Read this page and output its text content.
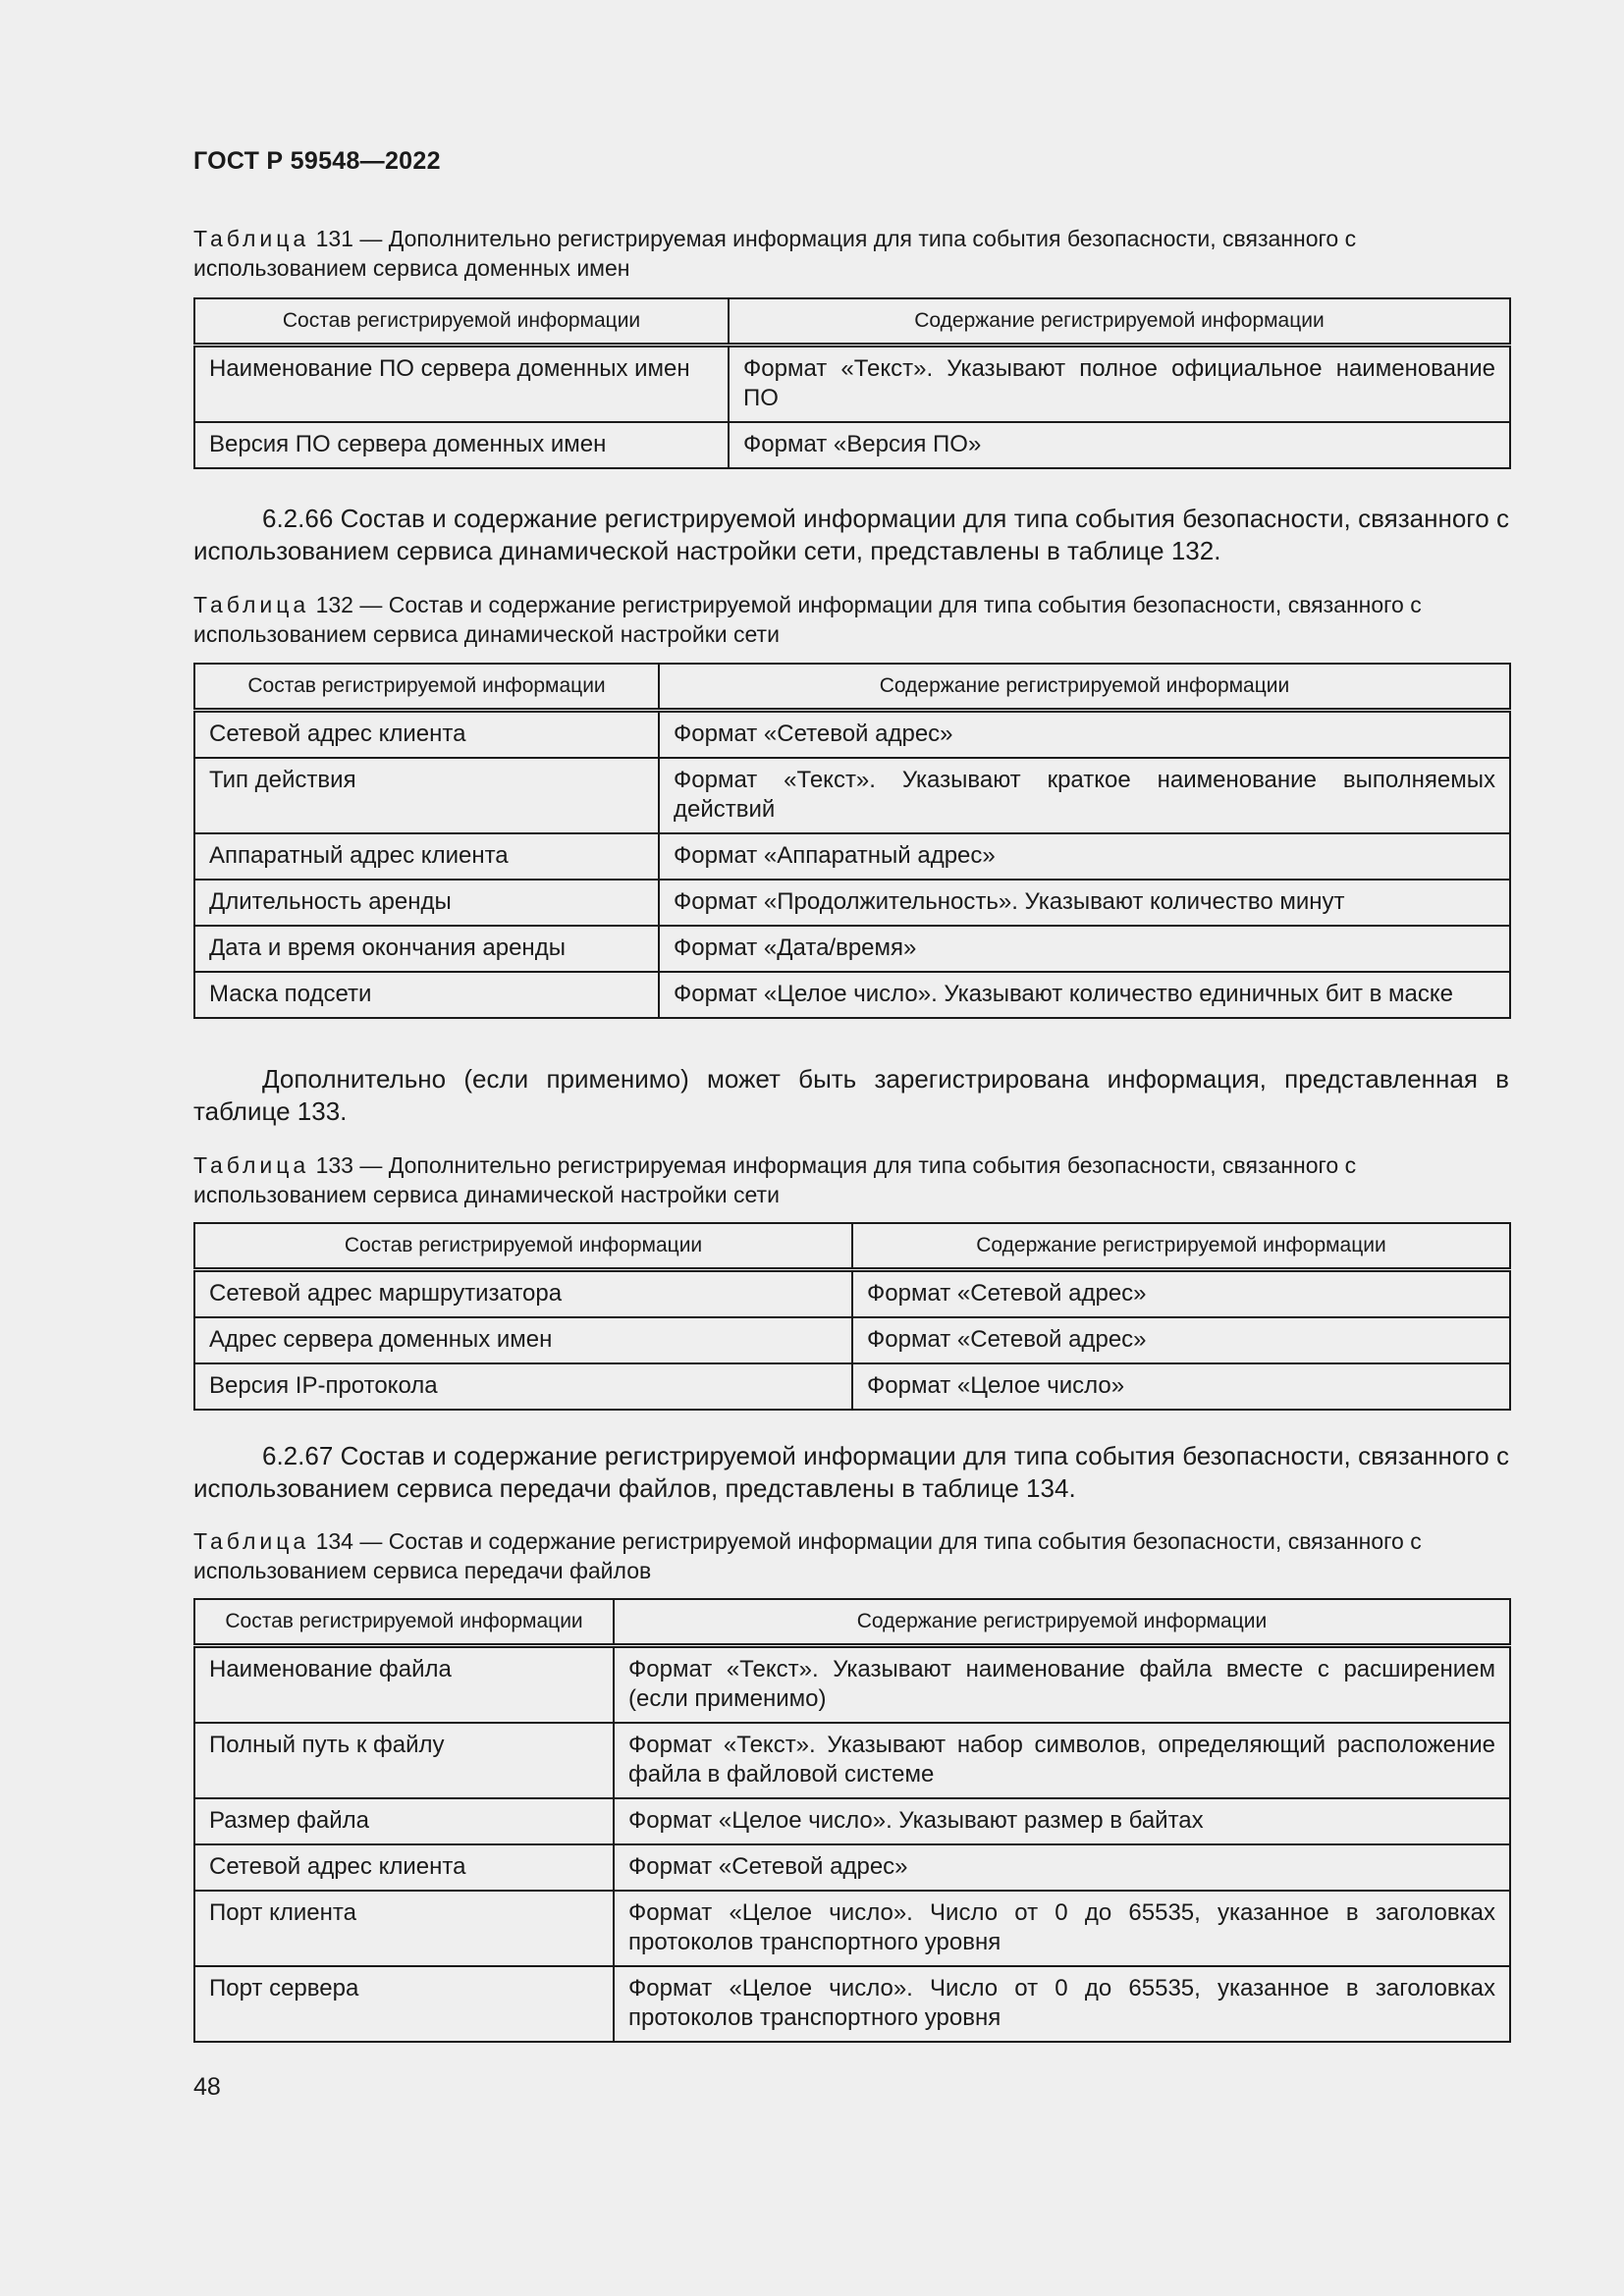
ГОСТ Р 59548—2022
Таблица 131 — Дополнительно регистрируемая информация для типа события безопасности, связанного с использованием сервиса доменных имен
Состав регистрируемой информации	Содержание регистрируемой информации
Наименование ПО сервера доменных имен	Формат «Текст». Указывают полное официальное наименование ПО
Версия ПО сервера доменных имен	Формат «Версия ПО»
6.2.66 Состав и содержание регистрируемой информации для типа события безопасности, связанного с использованием сервиса динамической настройки сети, представлены в таблице 132.
Таблица 132 — Состав и содержание регистрируемой информации для типа события безопасности, связанного с использованием сервиса динамической настройки сети
Состав регистрируемой информации	Содержание регистрируемой информации
Сетевой адрес клиента	Формат «Сетевой адрес»
Тип действия	Формат «Текст». Указывают краткое наименование выполняемых действий
Аппаратный адрес клиента	Формат «Аппаратный адрес»
Длительность аренды	Формат «Продолжительность». Указывают количество минут
Дата и время окончания аренды	Формат «Дата/время»
Маска подсети	Формат «Целое число». Указывают количество единичных бит в маске
Дополнительно (если применимо) может быть зарегистрирована информация, представленная в таблице 133.
Таблица 133 — Дополнительно регистрируемая информация для типа события безопасности, связанного с использованием сервиса динамической настройки сети
Состав регистрируемой информации	Содержание регистрируемой информации
Сетевой адрес маршрутизатора	Формат «Сетевой адрес»
Адрес сервера доменных имен	Формат «Сетевой адрес»
Версия IP-протокола	Формат «Целое число»
6.2.67 Состав и содержание регистрируемой информации для типа события безопасности, связанного с использованием сервиса передачи файлов, представлены в таблице 134.
Таблица 134 — Состав и содержание регистрируемой информации для типа события безопасности, связанного с использованием сервиса передачи файлов
Состав регистрируемой информации	Содержание регистрируемой информации
Наименование файла	Формат «Текст». Указывают наименование файла вместе с расширением (если применимо)
Полный путь к файлу	Формат «Текст». Указывают набор символов, определяющий расположение файла в файловой системе
Размер файла	Формат «Целое число». Указывают размер в байтах
Сетевой адрес клиента	Формат «Сетевой адрес»
Порт клиента	Формат «Целое число». Число от 0 до 65535, указанное в заголовках протоколов транспортного уровня
Порт сервера	Формат «Целое число». Число от 0 до 65535, указанное в заголовках протоколов транспортного уровня
48
